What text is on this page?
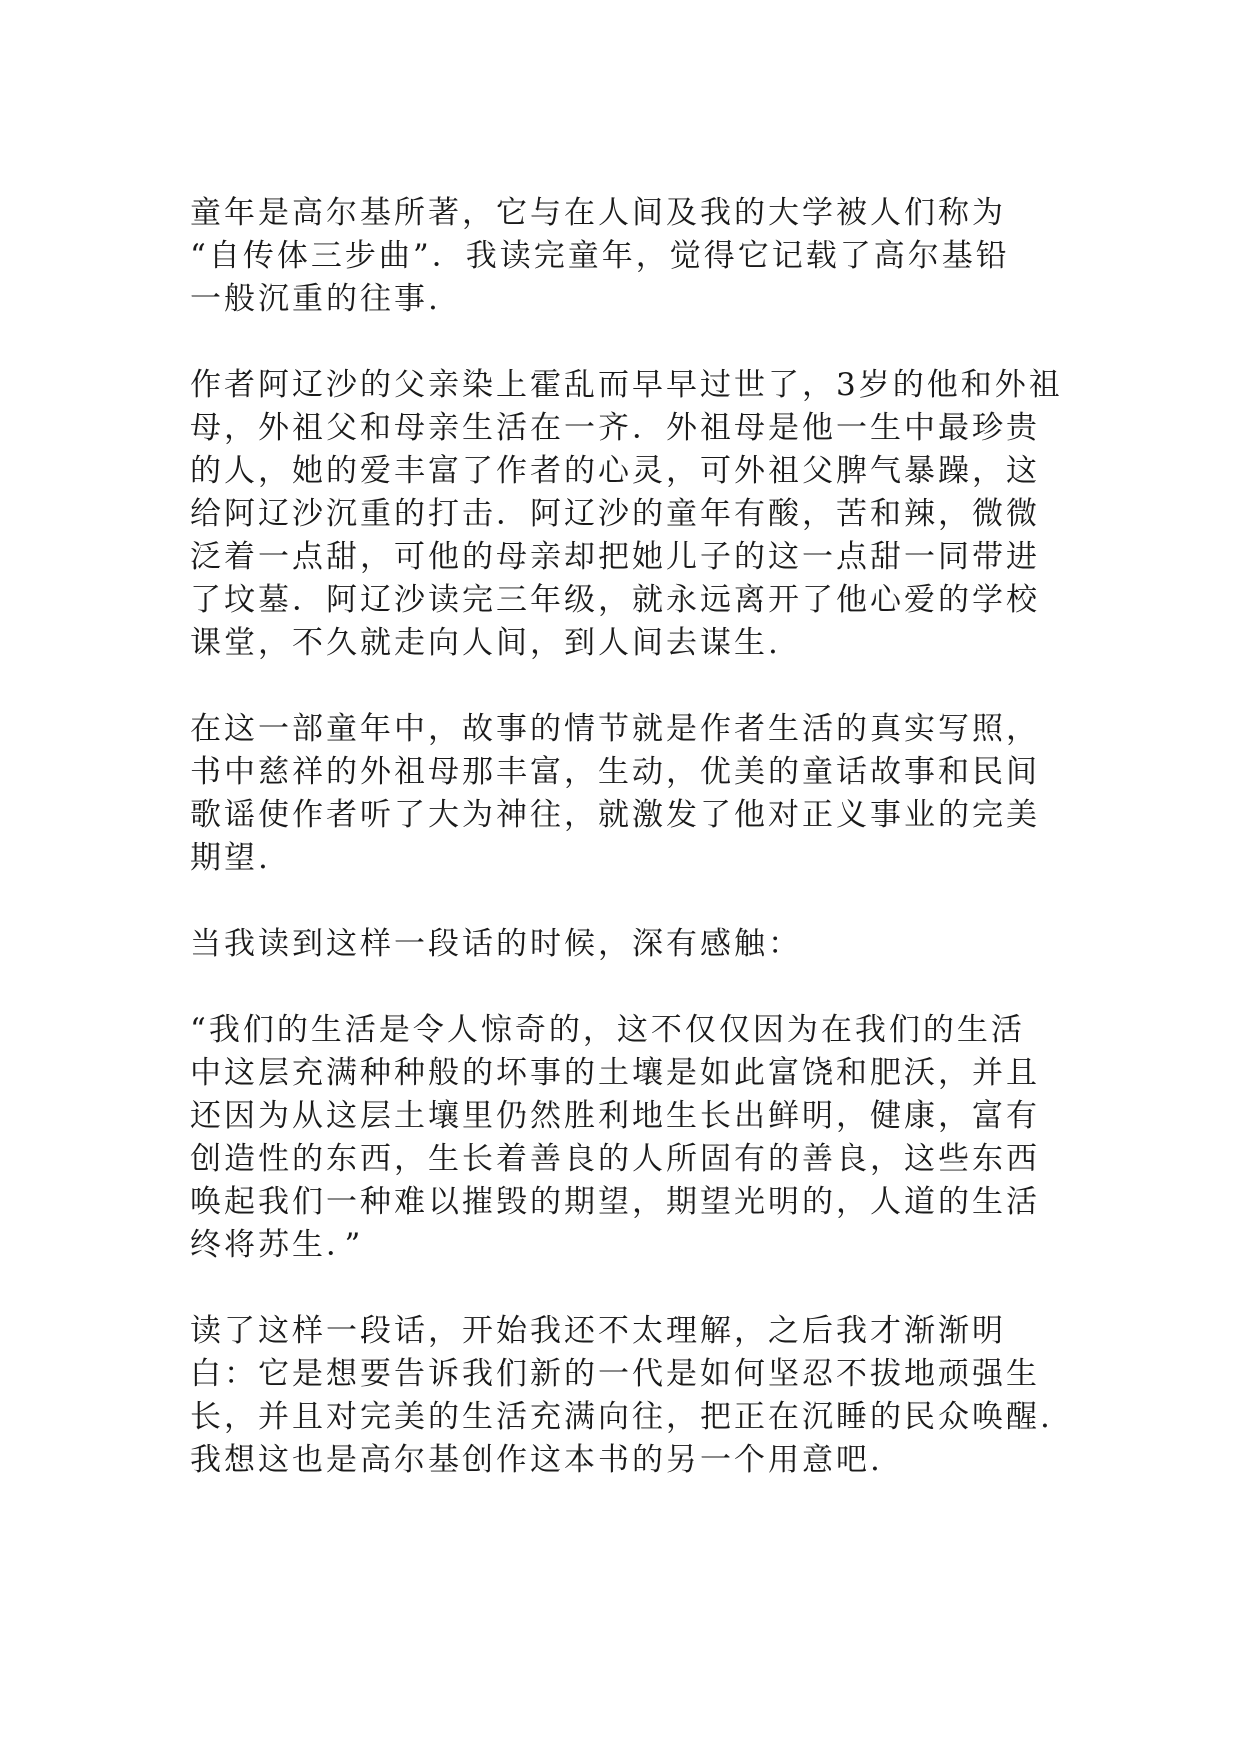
童年是高尔基所著，它与在人间及我的大学被人们称为
“自传体三步曲”．我读完童年，觉得它记载了高尔基铅
一般沉重的往事.

作者阿辽沙的父亲染上霍乱而早早过世了，3岁的他和外祖
母，外祖父和母亲生活在一齐．外祖母是他一生中最珍贵
的人，她的爱丰富了作者的心灵，可外祖父脾气暴躁，这
给阿辽沙沉重的打击．阿辽沙的童年有酸，苦和辣，微微
泛着一点甜，可他的母亲却把她儿子的这一点甜一同带进
了坟墓．阿辽沙读完三年级，就永远离开了他心爱的学校
课堂，不久就走向人间，到人间去谋生.

在这一部童年中，故事的情节就是作者生活的真实写照，
书中慈祥的外祖母那丰富，生动，优美的童话故事和民间
歌谣使作者听了大为神往，就激发了他对正义事业的完美
期望.

当我读到这样一段话的时候，深有感触：

“我们的生活是令人惊奇的，这不仅仅因为在我们的生活
中这层充满种种般的坏事的土壤是如此富饶和肥沃，并且
还因为从这层土壤里仍然胜利地生长出鲜明，健康，富有
创造性的东西，生长着善良的人所固有的善良，这些东西
唤起我们一种难以摧毁的期望，期望光明的，人道的生活
终将苏生．”

读了这样一段话，开始我还不太理解，之后我才渐渐明
白：它是想要告诉我们新的一代是如何坚忍不拔地顽强生
长，并且对完美的生活充满向往，把正在沉睡的民众唤醒.
我想这也是高尔基创作这本书的另一个用意吧.
